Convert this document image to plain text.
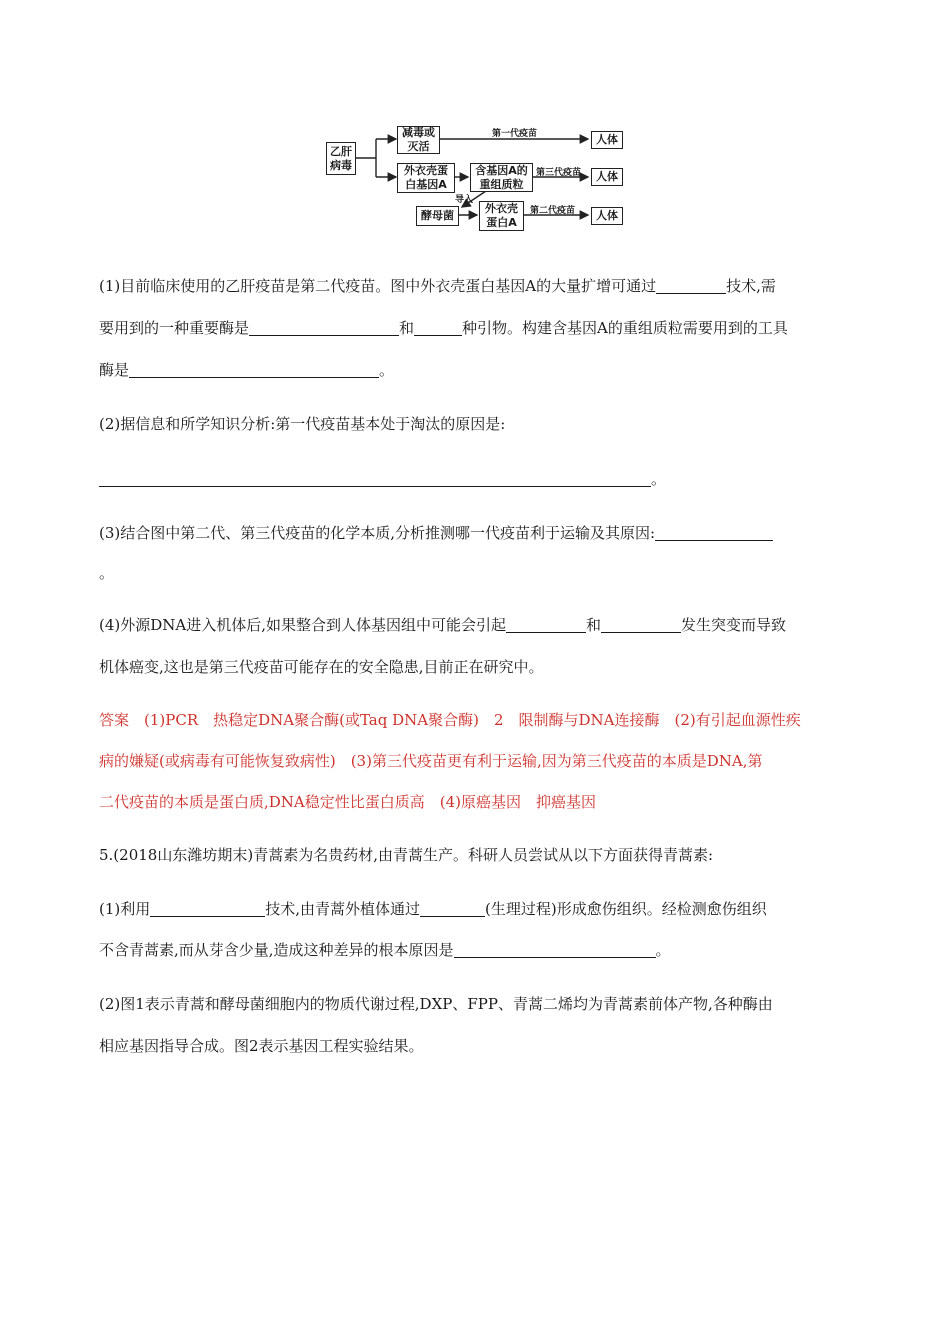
乙肝
病毒
减毒或
灭活
外衣壳蛋
白基因A
含基因A的
重组质粒
酵母菌
外衣壳
蛋白A
人体
人体
人体
第一代疫苗
第三代疫苗
第二代疫苗
导入
(1)目前临床使用的乙肝疫苗是第二代疫苗。图中外衣壳蛋白基因A的大量扩增可通过	技术,需
要用到的一种重要酶是	和	种引物。构建含基因A的重组质粒需要用到的工具
酶是	。
(2)据信息和所学知识分析:第一代疫苗基本处于淘汰的原因是:
。
(3)结合图中第二代、第三代疫苗的化学本质,分析推测哪一代疫苗利于运输及其原因:
。
(4)外源DNA进入机体后,如果整合到人体基因组中可能会引起	和	发生突变而导致
机体癌变,这也是第三代疫苗可能存在的安全隐患,目前正在研究中。
答案　(1)PCR　热稳定DNA聚合酶(或Taq DNA聚合酶)　2　限制酶与DNA连接酶　(2)有引起血源性疾
病的嫌疑(或病毒有可能恢复致病性)　(3)第三代疫苗更有利于运输,因为第三代疫苗的本质是DNA,第
二代疫苗的本质是蛋白质,DNA稳定性比蛋白质高　(4)原癌基因　抑癌基因
5.(2018山东潍坊期末)青蒿素为名贵药材,由青蒿生产。科研人员尝试从以下方面获得青蒿素:
(1)利用	技术,由青蒿外植体通过	(生理过程)形成愈伤组织。经检测愈伤组织
不含青蒿素,而从芽含少量,造成这种差异的根本原因是	。
(2)图1表示青蒿和酵母菌细胞内的物质代谢过程,DXP、FPP、青蒿二烯均为青蒿素前体产物,各种酶由
相应基因指导合成。图2表示基因工程实验结果。
